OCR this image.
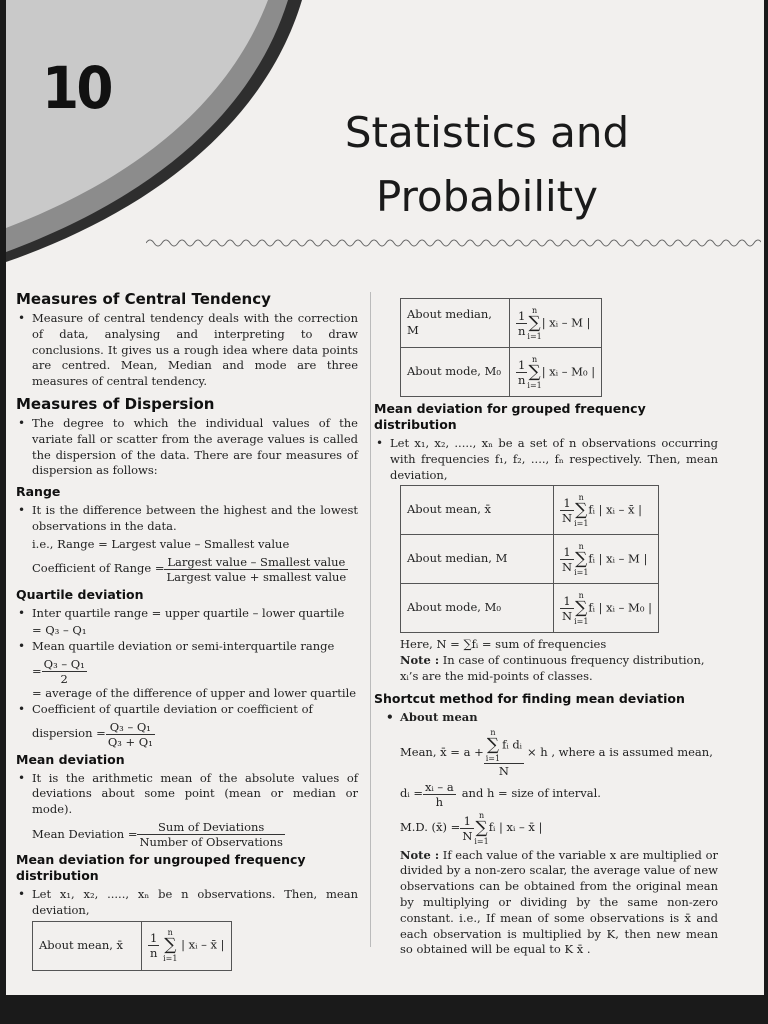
10
Statistics and
Probability
Measures of Central Tendency

• Measure of central tendency deals with the correction of data, analysing and interpreting to draw conclusions. It gives us a rough idea where data points are centred. Mean, Median and mode are three measures of central tendency.

Measures of Dispersion

• The degree to which the individual values of the variate fall or scatter from the average values is called the dispersion of the data. There are four measures of dispersion as follows:

Range

• It is the difference between the highest and the lowest observations in the data.

i.e., Range = Largest value – Smallest value

Coefficient of Range = $\frac{\text{Largest value – Smallest value}}{\text{Largest value + smallest value}}$
Quartile deviation

• Inter quartile range = upper quartile – lower quartile

= Q₃ – Q₁

• Mean quartile deviation or semi-interquartile range

= $\frac{\text{Q₃ – Q₁}}{2}$

= average of the difference of upper and lower quartile

• Coefficient of quartile deviation or coefficient of

dispersion = $\frac{\text{Q₃ – Q₁}}{\text{Q₃ + Q₁}}$
Mean deviation

• It is the arithmetic mean of the absolute values of deviations about some point (mean or median or mode).

Mean Deviation = $\frac{\text{Sum of Deviations}}{\text{Number of Observations}}$
Mean deviation for ungrouped frequency distribution

• Let x₁, x₂, ....., xₙ be n observations. Then, mean deviation,

About mean, x̄	$\frac{1}{n}$ n
∑
i=1 | xᵢ – x̄ |
About median, M	$\frac{1}{n}$ n
∑
i=1| xᵢ – M |
About mode, M₀	$\frac{1}{n}$ n
∑
i=1| xᵢ – M₀ |
Mean deviation for grouped frequency distribution

• Let x₁, x₂, ....., xₙ be a set of n observations occurring with frequencies f₁, f₂, ...., fₙ respectively. Then, mean deviation,

About mean, x̄	$\frac{1}{N}$ n
∑
i=1fᵢ | xᵢ – x̄ |
About median, M	$\frac{1}{N}$ n
∑
i=1fᵢ | xᵢ – M |
About mode, M₀	$\frac{1}{N}$ n
∑
i=1fᵢ | xᵢ – M₀ |

Here, N = ∑fᵢ = sum of frequencies

Note : In case of continuous frequency distribution, xᵢ’s are the mid-points of classes.

Shortcut method for finding mean deviation

• About mean

Mean, x̄ = a + n
∑
i=1fᵢ dᵢ
N × h , where a is assumed mean,
dᵢ = $\frac{\text{xᵢ – a}}{h}$ and h = size of interval.
M.D. (x̄) = $\frac{1}{N}$ n
∑
i=1
fᵢ | xᵢ – x̄ |

Note : If each value of the variable x are multiplied or divided by a non-zero scalar, the average value of new observations can be obtained from the original mean by multiplying or dividing by the same non-zero constant. i.e., If mean of some observations is x̄ and each observation is multiplied by K, then new mean so obtained will be equal to K x̄ .
